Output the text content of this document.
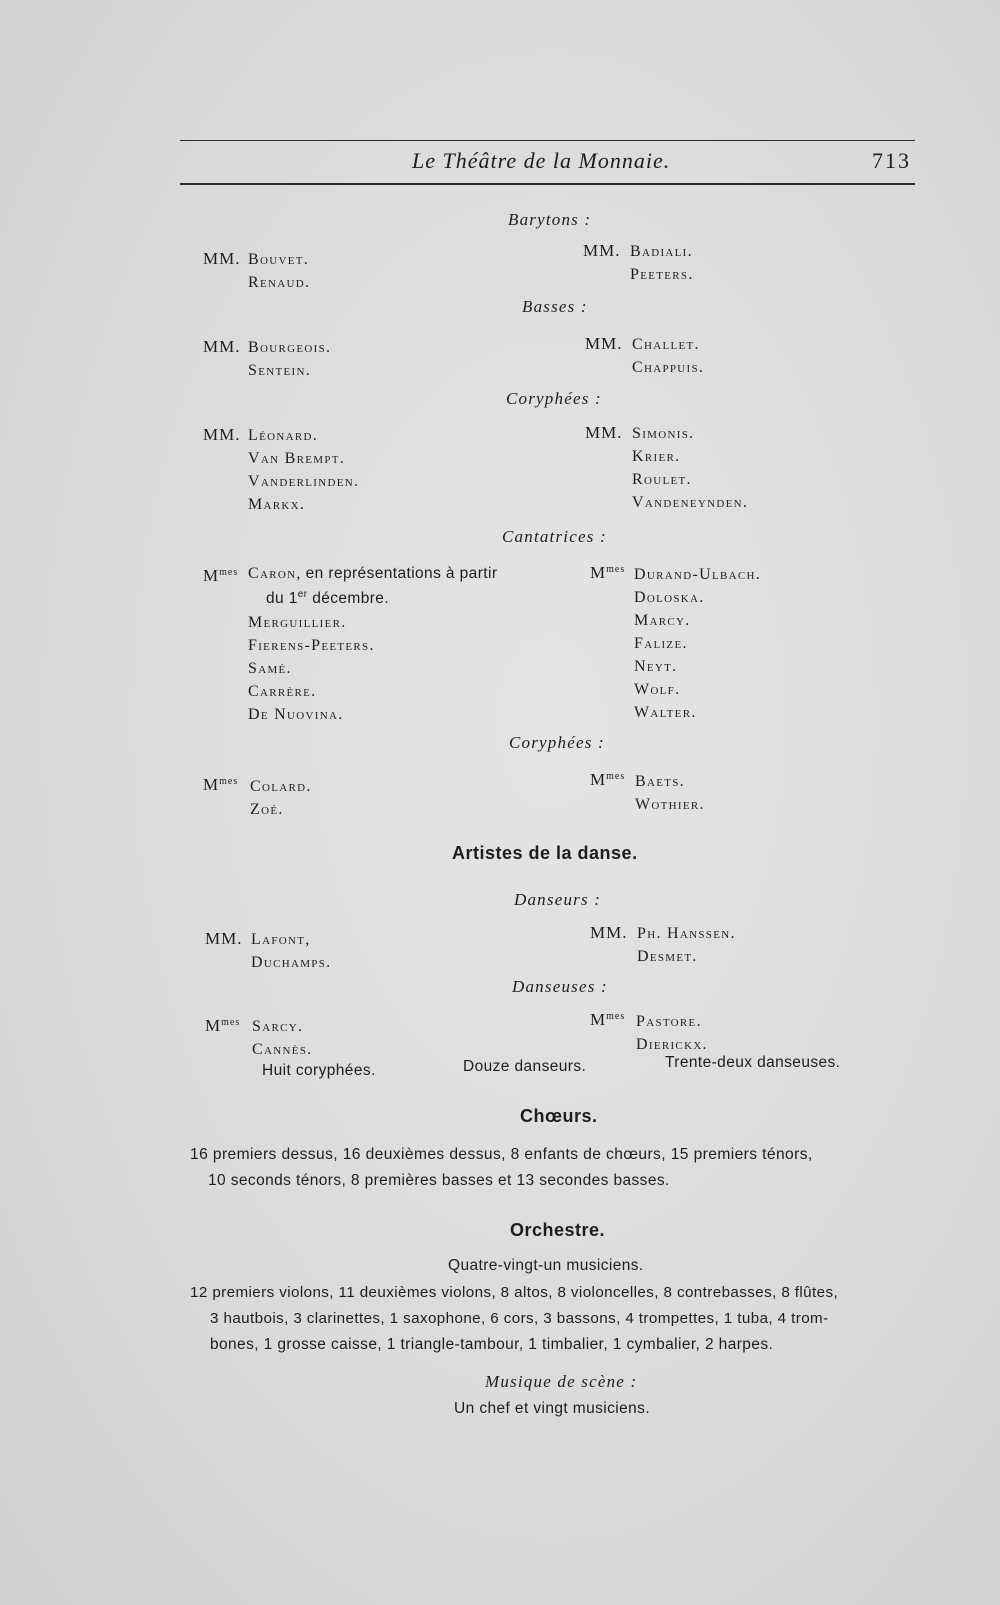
Le Théâtre de la Monnaie.	713
Barytons :
MM. Bouvet.
Renaud.
MM. Bourgeois.
Sentein.
MM. Léonard.
Van Brempt.
Vanderlinden.
Markx.
MM. Badiali.
Peeters.
Basses :
MM. Challet.
Chappuis.
Coryphées :
MM. Simonis.
Krier.
Roulet.
Vandeneynden.
Cantatrices :
$M^{mes}$ Caron, en représentations à partir
du 1er décembre.
Merguillier.
Fierens-Peeters.
Samé.
Carrère.
De Nuovina.
$M^{mes}$ Durand-Ulbach.
Doloska.
Marcy.
Falize.
Neyt.
Wolf.
Walter.
Coryphées :
$M^{mes}$ Colard.
Zoé.
$M^{mes}$ Baets.
Wothier.
Artistes de la danse.
Danseurs :
MM. Lafont,
Duchamps.
MM. Ph. Hanssen.
Desmet.
Danseuses :
$M^{mes}$ Sarcy.
Cannès.
$M^{mes}$ Pastore.
Dierickx.
Huit coryphées.	Douze danseurs.	Trente-deux danseuses.
Chœurs.
16 premiers dessus, 16 deuxièmes dessus, 8 enfants de chœurs, 15 premiers ténors,
10 seconds ténors, 8 premières basses et 13 secondes basses.
Orchestre.
Quatre-vingt-un musiciens.
12 premiers violons, 11 deuxièmes violons, 8 altos, 8 violoncelles, 8 contrebasses, 8 flûtes,
3 hautbois, 3 clarinettes, 1 saxophone, 6 cors, 3 bassons, 4 trompettes, 1 tuba, 4 trom-
bones, 1 grosse caisse, 1 triangle-tambour, 1 timbalier, 1 cymbalier, 2 harpes.
Musique de scène :
Un chef et vingt musiciens.
